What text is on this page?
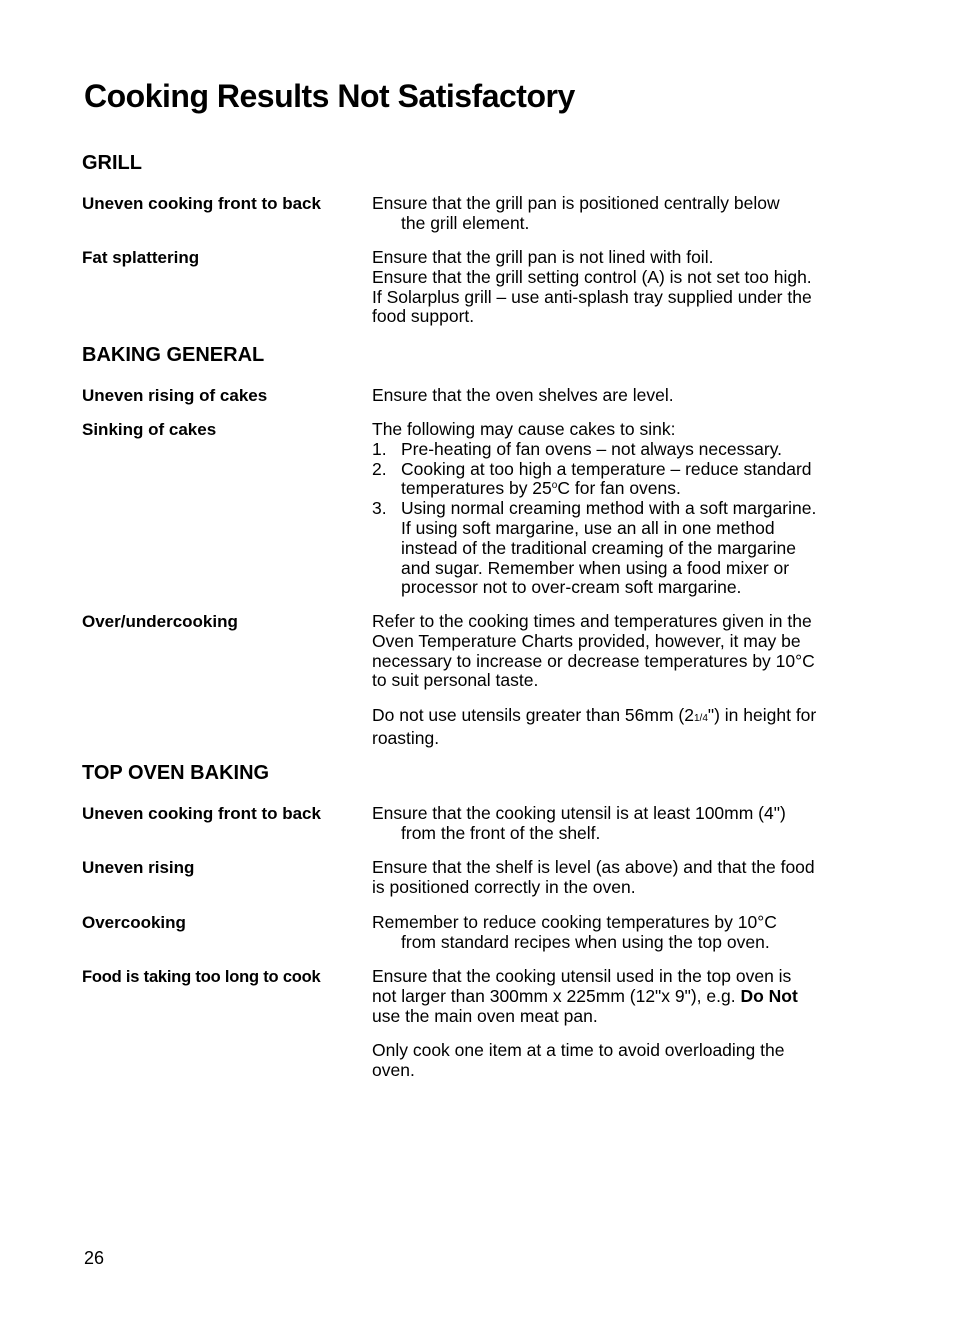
Cooking Results Not Satisfactory
GRILL
Uneven cooking front to back	Ensure that the grill pan is positioned centrally below

the grill element.

Fat splattering	Ensure that the grill pan is not lined with foil.

Ensure that the grill setting control (A) is not set too high.

If Solarplus grill – use anti-splash tray supplied under the

food support.

BAKING GENERAL
Uneven rising of cakes	Ensure that the oven shelves are level.

Sinking of cakes	The following may cause cakes to sink:

1. Pre-heating of fan ovens – not always necessary.
2. Cooking at too high a temperature – reduce standard
temperatures by 25$^o$C for fan ovens.
3. Using normal creaming method with a soft margarine.
If using soft margarine, use an all in one method
instead of the traditional creaming of the margarine
and sugar. Remember when using a food mixer or
processor not to over-cream soft margarine.
Over/undercooking	Refer to the cooking times and temperatures given in the

Oven Temperature Charts provided, however, it may be

necessary to increase or decrease temperatures by 10°C

to suit personal taste.

Do not use utensils greater than 56mm (21/4") in height for

roasting.

TOP OVEN BAKING
Uneven cooking front to back	Ensure that the cooking utensil is at least 100mm (4")

from the front of the shelf.

Uneven rising	Ensure that the shelf is level (as above) and that the food

is positioned correctly in the oven.

Overcooking	Remember to reduce cooking temperatures by 10°C

from standard recipes when using the top oven.

Food is taking too long to cook	Ensure that the cooking utensil used in the top oven is

not larger than 300mm x 225mm (12"x 9"), e.g. Do Not

use the main oven meat pan.

Only cook one item at a time to avoid overloading the

oven.

26
